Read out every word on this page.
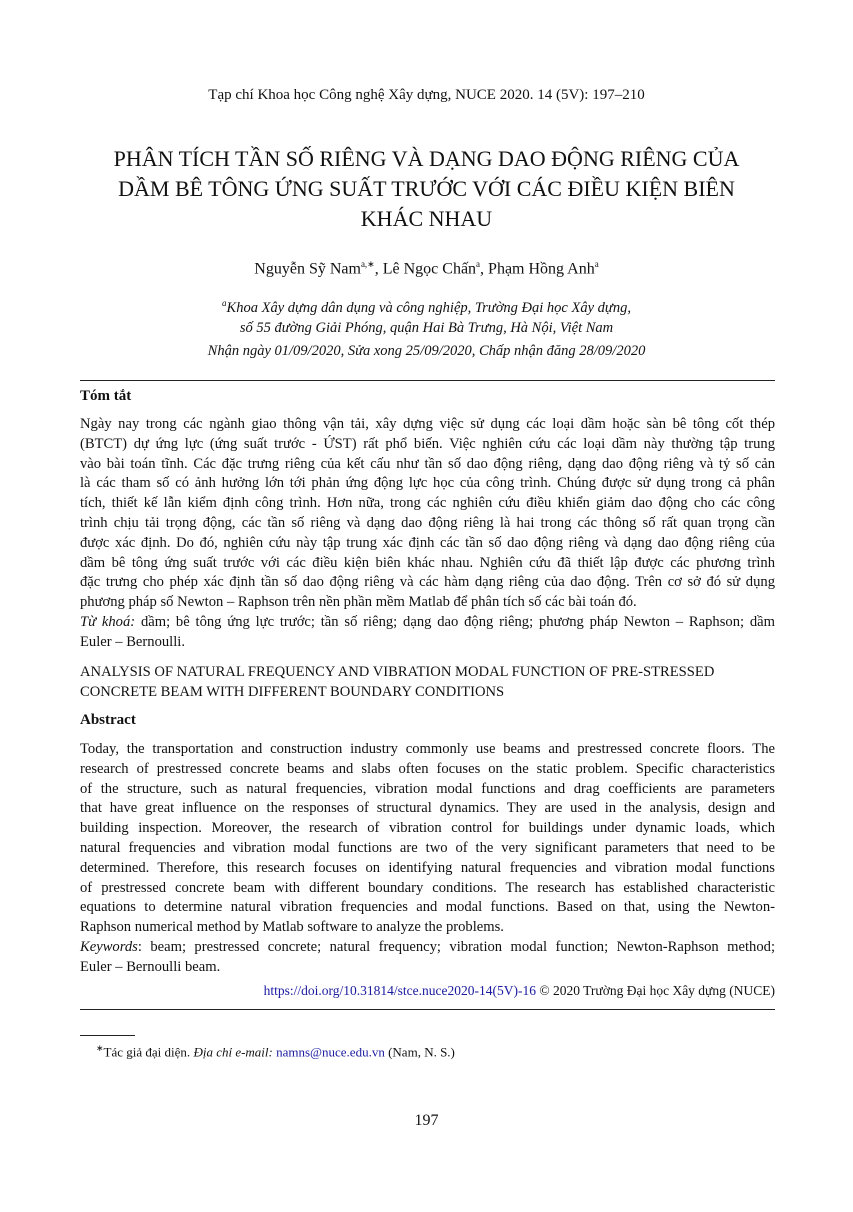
Tạp chí Khoa học Công nghệ Xây dựng, NUCE 2020. 14 (5V): 197–210
PHÂN TÍCH TẦN SỐ RIÊNG VÀ DẠNG DAO ĐỘNG RIÊNG CỦA
DẦM BÊ TÔNG ỨNG SUẤT TRƯỚC VỚI CÁC ĐIỀU KIỆN BIÊN
KHÁC NHAU
Nguyễn Sỹ Nam$^{a,∗}$, Lê Ngọc Chấn$^a$, Phạm Hồng Anh$^a$
$^a$Khoa Xây dựng dân dụng và công nghiệp, Trường Đại học Xây dựng,
số 55 đường Giải Phóng, quận Hai Bà Trưng, Hà Nội, Việt Nam
Nhận ngày 01/09/2020, Sửa xong 25/09/2020, Chấp nhận đăng 28/09/2020
Tóm tắt
Ngày nay trong các ngành giao thông vận tải, xây dựng việc sử dụng các loại dầm hoặc sàn bê tông cốt thép
(BTCT) dự ứng lực (ứng suất trước - ỨST) rất phổ biến. Việc nghiên cứu các loại dầm này thường tập trung
vào bài toán tĩnh. Các đặc trưng riêng của kết cấu như tần số dao động riêng, dạng dao động riêng và tỷ số cản
là các tham số có ảnh hưởng lớn tới phản ứng động lực học của công trình. Chúng được sử dụng trong cả phân
tích, thiết kế lẫn kiểm định công trình. Hơn nữa, trong các nghiên cứu điều khiển giảm dao động cho các công
trình chịu tải trọng động, các tần số riêng và dạng dao động riêng là hai trong các thông số rất quan trọng cần
được xác định. Do đó, nghiên cứu này tập trung xác định các tần số dao động riêng và dạng dao động riêng của
dầm bê tông ứng suất trước với các điều kiện biên khác nhau. Nghiên cứu đã thiết lập được các phương trình
đặc trưng cho phép xác định tần số dao động riêng và các hàm dạng riêng của dao động. Trên cơ sở đó sử dụng
phương pháp số Newton – Raphson trên nền phần mềm Matlab để phân tích số các bài toán đó.
Từ khoá: dầm; bê tông ứng lực trước; tần số riêng; dạng dao động riêng; phương pháp Newton – Raphson; dầm
Euler – Bernoulli.
ANALYSIS OF NATURAL FREQUENCY AND VIBRATION MODAL FUNCTION OF PRE-STRESSED
CONCRETE BEAM WITH DIFFERENT BOUNDARY CONDITIONS
Abstract
Today, the transportation and construction industry commonly use beams and prestressed concrete floors. The
research of prestressed concrete beams and slabs often focuses on the static problem. Specific characteristics
of the structure, such as natural frequencies, vibration modal functions and drag coefficients are parameters
that have great influence on the responses of structural dynamics. They are used in the analysis, design and
building inspection. Moreover, the research of vibration control for buildings under dynamic loads, which
natural frequencies and vibration modal functions are two of the very significant parameters that need to be
determined. Therefore, this research focuses on identifying natural frequencies and vibration modal functions
of prestressed concrete beam with different boundary conditions. The research has established characteristic
equations to determine natural vibration frequencies and modal functions. Based on that, using the Newton-
Raphson numerical method by Matlab software to analyze the problems.
Keywords: beam; prestressed concrete; natural frequency; vibration modal function; Newton-Raphson method;
Euler – Bernoulli beam.
https://doi.org/10.31814/stce.nuce2020-14(5V)-16 © 2020 Trường Đại học Xây dựng (NUCE)
∗Tác giả đại diện. Địa chỉ e-mail: namns@nuce.edu.vn (Nam, N. S.)
197
